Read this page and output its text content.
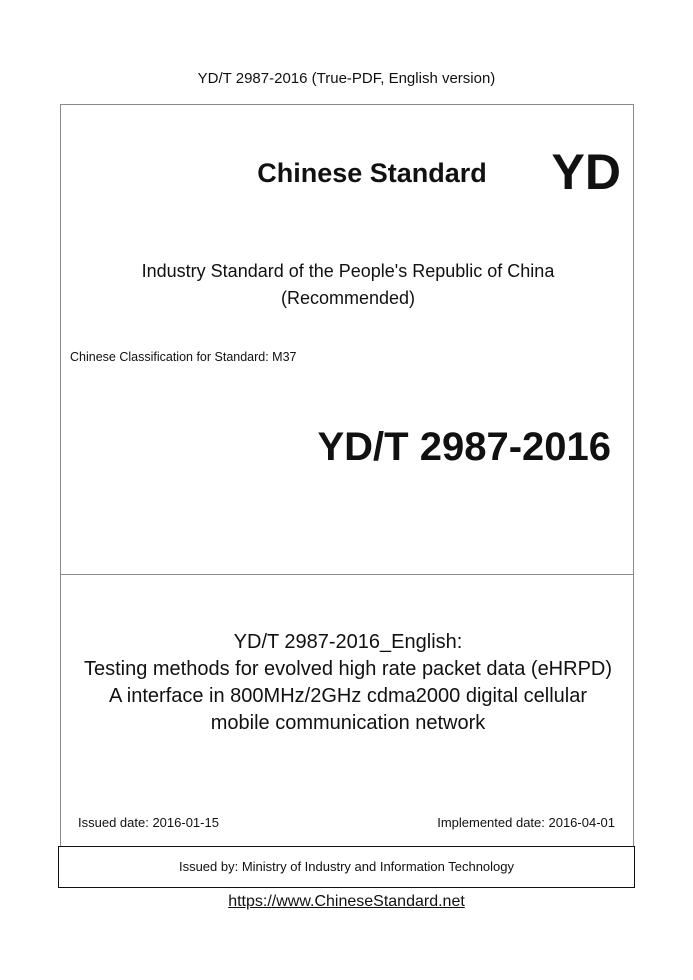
YD/T 2987-2016 (True-PDF, English version)
Chinese Standard	YD
Industry Standard of the People's Republic of China
(Recommended)
Chinese Classification for Standard: M37
YD/T 2987-2016
YD/T 2987-2016_English:
Testing methods for evolved high rate packet data (eHRPD)
A interface in 800MHz/2GHz cdma2000 digital cellular
mobile communication network
Issued date: 2016-01-15	Implemented date: 2016-04-01
Issued by: Ministry of Industry and Information Technology
https://www.ChineseStandard.net
